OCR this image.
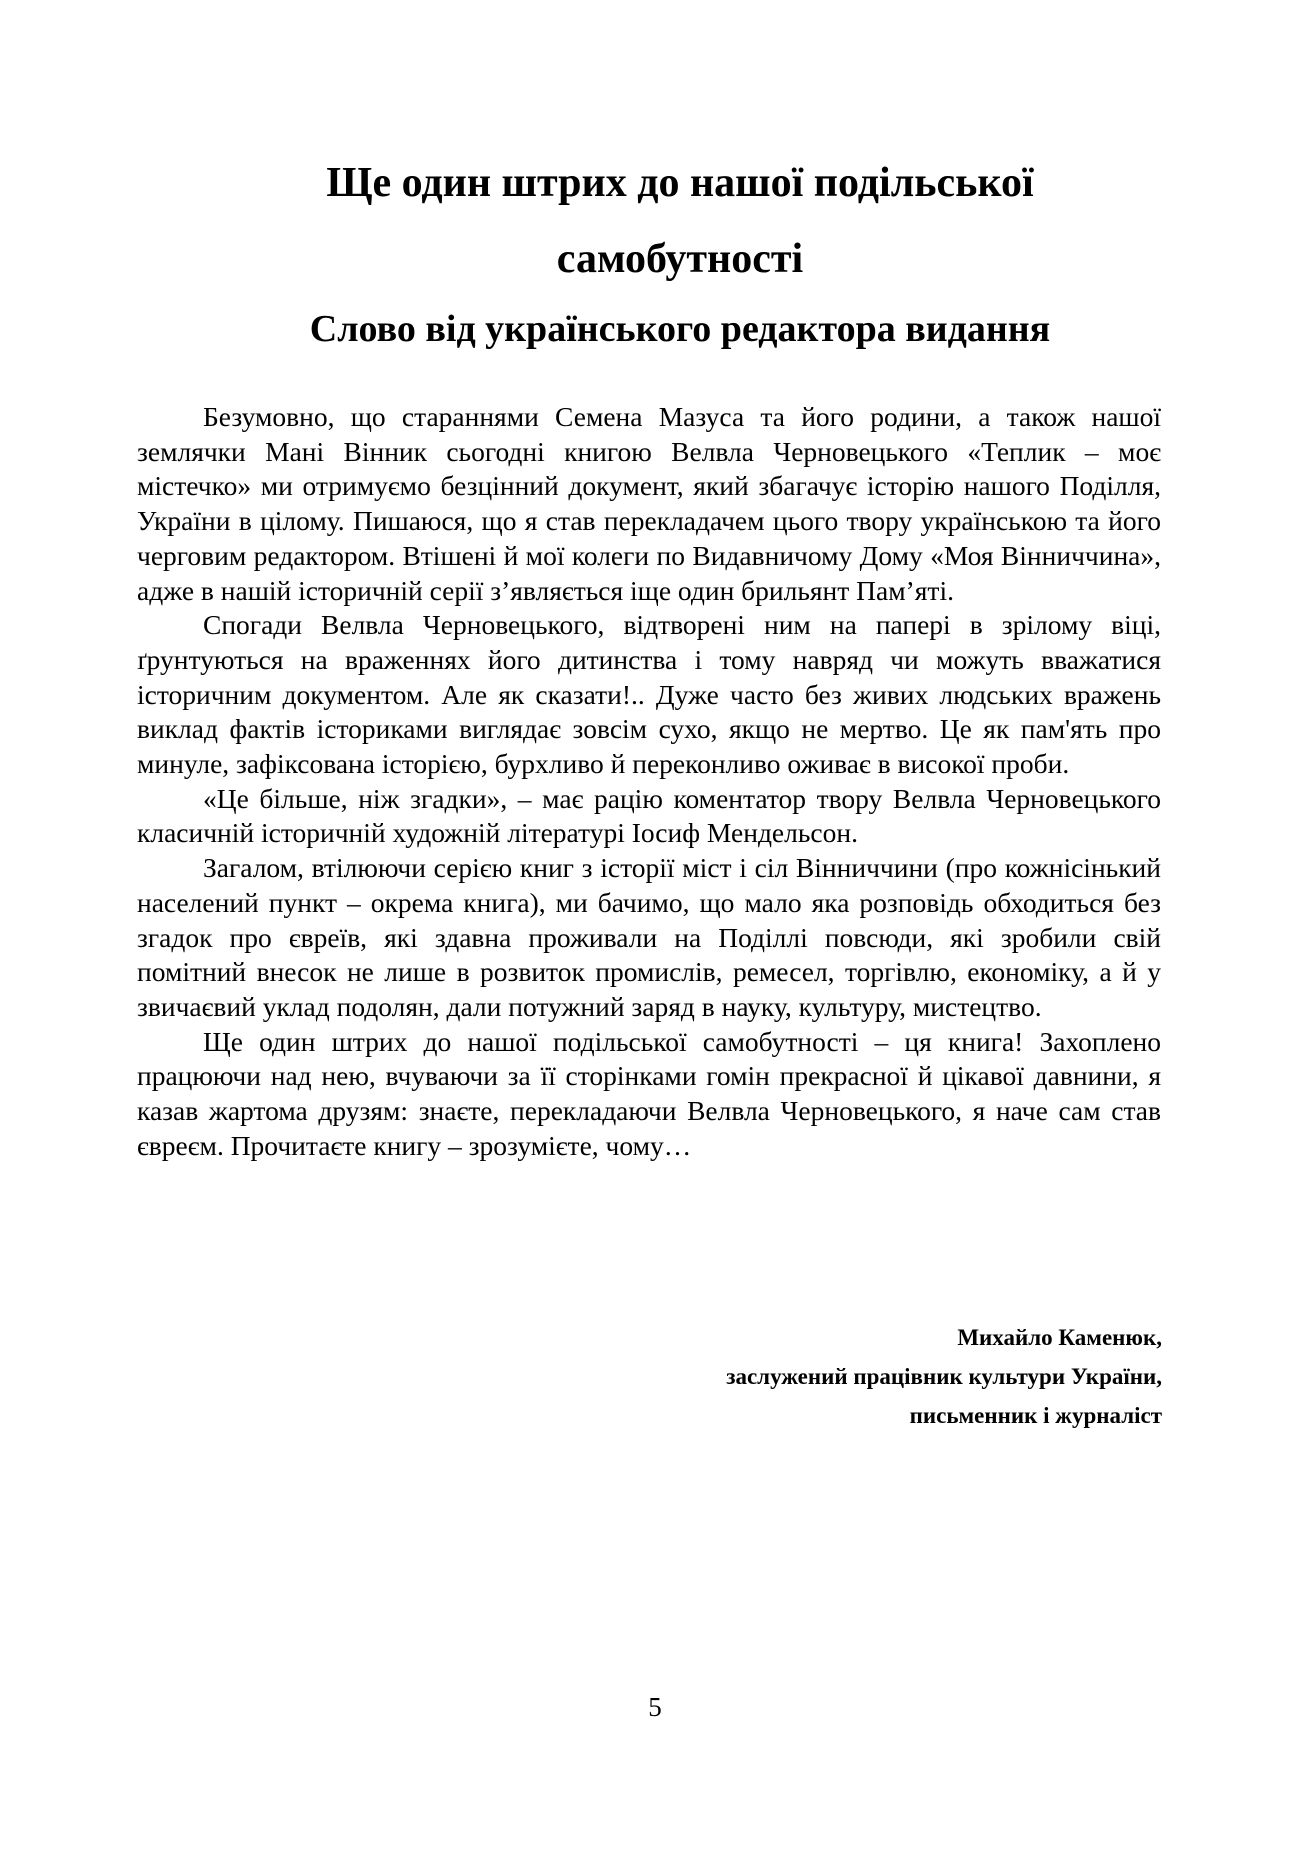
Ще один штрих до нашої подільської
самобутності
Слово від українського редактора видання

Безумовно, що стараннями Семена Мазуса та його родини, а також нашої землячки Мані Вінник сьогодні книгою Велвла Черновецького «Теплик – моє містечко» ми отримуємо безцінний документ, який збагачує історію нашого Поділля, України в цілому. Пишаюся, що я став перекладачем цього твору українською та його черговим редактором. Втішені й мої колеги по Видавничому Дому «Моя Вінниччина», адже в нашій історичній серії з’являється іще один брильянт Пам’яті.

Спогади Велвла Черновецького, відтворені ним на папері в зрілому віці, ґрунтуються на враженнях його дитинства і тому навряд чи можуть вважатися історичним документом. Але як сказати!.. Дуже часто без живих людських вражень виклад фактів істориками виглядає зовсім сухо, якщо не мертво. Це як пам'ять про минуле, зафіксована історією, бурхливо й переконливо оживає в високої проби.

«Це більше, ніж згадки», – має рацію коментатор твору Велвла Черновецького класичній історичній художній літературі Іосиф Мендельсон.

Загалом, втілюючи серією книг з історії міст і сіл Вінниччини (про кожнісінький населений пункт – окрема книга), ми бачимо, що мало яка розповідь обходиться без згадок про євреїв, які здавна проживали на Поділлі повсюди, які зробили свій помітний внесок не лише в розвиток промислів, ремесел, торгівлю, економіку, а й у звичаєвий уклад подолян, дали потужний заряд в науку, культуру, мистецтво.

Ще один штрих до нашої подільської самобутності – ця книга! Захоплено працюючи над нею, вчуваючи за її сторінками гомін прекрасної й цікавої давнини, я казав жартома друзям: знаєте, перекладаючи Велвла Черновецького, я наче сам став євреєм. Прочитаєте книгу – зрозумієте, чому…

Михайло Каменюк,
заслужений працівник культури України,
письменник і журналіст
5
